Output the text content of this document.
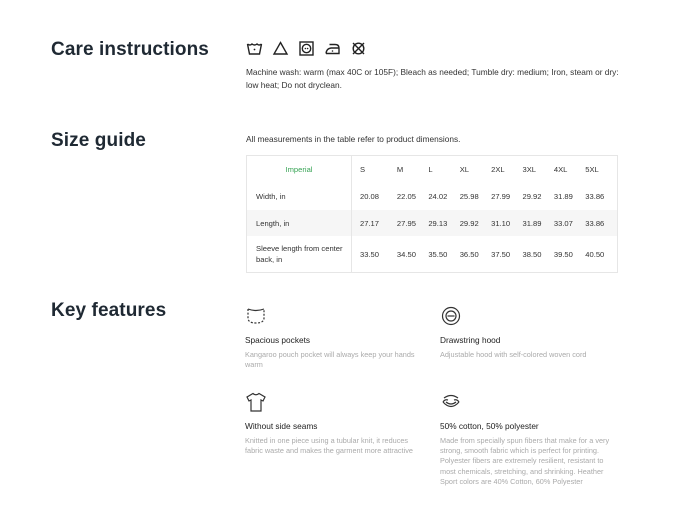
Care instructions
Machine wash: warm (max 40C or 105F); Bleach as needed; Tumble dry: medium; Iron, steam or dry: low heat; Do not dryclean.
Size guide	All measurements in the table refer to product dimensions.
Imperial	S	M	L	XL	2XL	3XL	4XL	5XL
Width, in	20.08	22.05	24.02	25.98	27.99	29.92	31.89	33.86
Length, in	27.17	27.95	29.13	29.92	31.10	31.89	33.07	33.86
Sleeve length from center back, in	33.50	34.50	35.50	36.50	37.50	38.50	39.50	40.50
Key features
Spacious pockets
Kangaroo pouch pocket will always keep your hands warm
Drawstring hood
Adjustable hood with self-colored woven cord
Without side seams
Knitted in one piece using a tubular knit, it reduces fabric waste and makes the garment more attractive
50% cotton, 50% polyester
Made from specially spun fibers that make for a very strong, smooth fabric which is perfect for printing. Polyester fibers are extremely resilient, resistant to most chemicals, stretching, and shrinking. Heather Sport colors are 40% Cotton, 60% Polyester
